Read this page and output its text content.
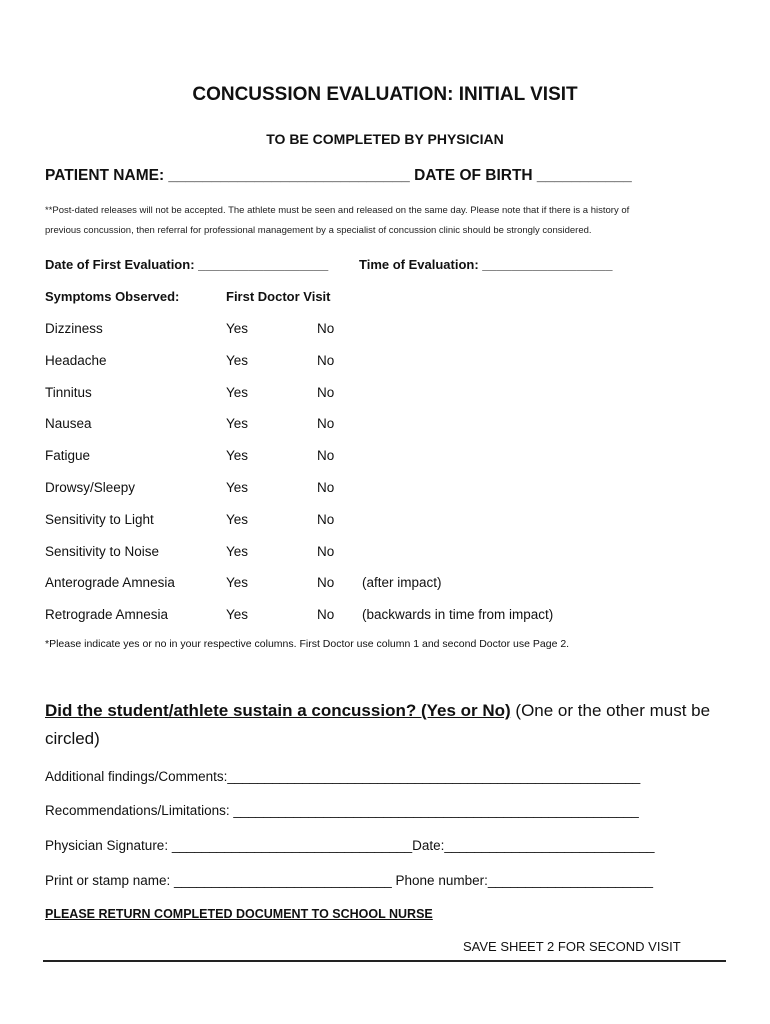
CONCUSSION EVALUATION: INITIAL VISIT
TO BE COMPLETED BY PHYSICIAN
PATIENT NAME: ____________________________ DATE OF BIRTH ___________
**Post-dated releases will not be accepted. The athlete must be seen and released on the same day. Please note that if there is a history of
previous concussion, then referral for professional management by a specialist of concussion clinic should be strongly considered.
Date of First Evaluation: __________________ Time of Evaluation: __________________
Symptoms Observed:	First Doctor Visit
Dizziness	Yes	No
Headache	Yes	No
Tinnitus	Yes	No
Nausea	Yes	No
Fatigue	Yes	No
Drowsy/Sleepy	Yes	No
Sensitivity to Light	Yes	No
Sensitivity to Noise	Yes	No
Anterograde Amnesia	Yes	No (after impact)
Retrograde Amnesia	Yes	No (backwards in time from impact)
*Please indicate yes or no in your respective columns. First Doctor use column 1 and second Doctor use Page 2.
Did the student/athlete sustain a concussion? (Yes or No) (One or the other must be
circled)
Additional findings/Comments:_______________________________________________________
Recommendations/Limitations: ______________________________________________________
Physician Signature: ________________________________Date:____________________________
Print or stamp name: _____________________________ Phone number:______________________
PLEASE RETURN COMPLETED DOCUMENT TO SCHOOL NURSE
SAVE SHEET 2 FOR SECOND VISIT
